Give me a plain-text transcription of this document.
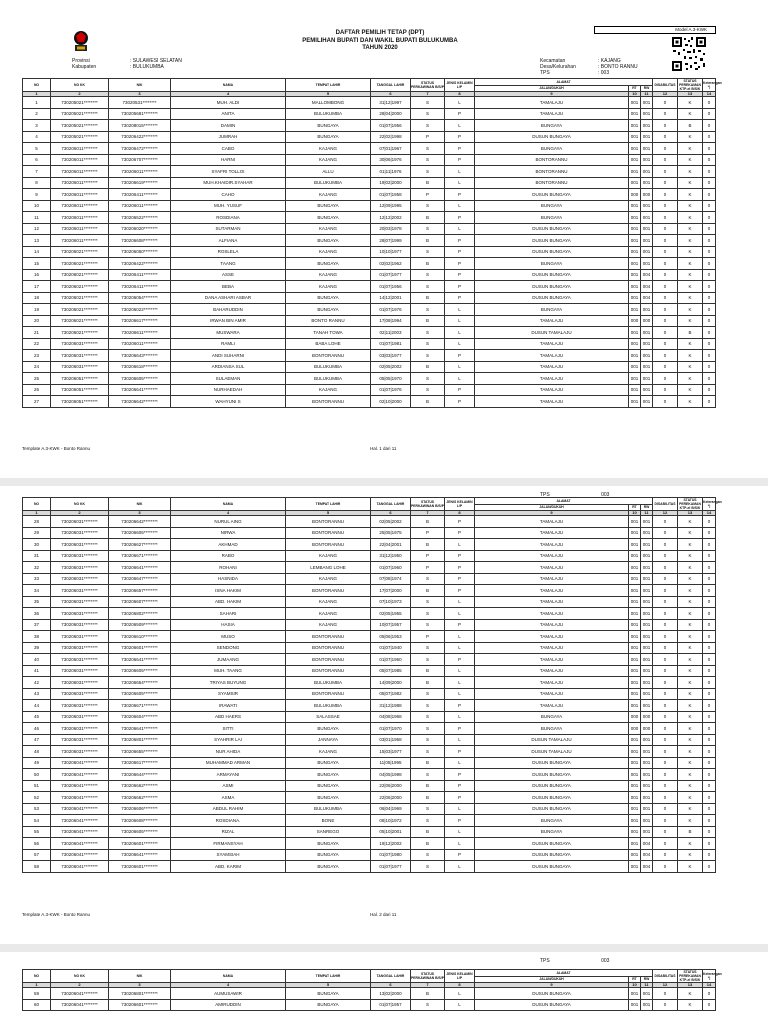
Model A.3-KWK
DAFTAR PEMILIH TETAP (DPT)
PEMILIHAN BUPATI DAN WAKIL BUPATI BULUKUMBA
TAHUN 2020
Provinsi	: SULAWESI SELATAN
Kabupaten	: BULUKUMBA
Kecamatan	: KAJANG
Desa/Kelurahan	: BONTO RANNU
TPS	: 003
Template A.3-KWK - Bonto Rannu	Hal. 1 dari 11
TPS	003
Template A.3-KWK - Bonto Rannu	Hal. 2 dari 11
TPS	003
NO	NO KK	NIK	NAMA	TEMPAT LAHIR	TANGGAL LAHIR	STATUS PERKAWINAN B/S/P	JENIS KELAMIN L/P	ALAMAT			DISABILITAS	STATUS PEREKAMAN KTP-el B/S/K	Keterangan *)
								JALAN/DUKUH	RT	RW			
1	2	3	4	5	6	7	8	9	10	11	12	13	14
1	730205021********	73020531********	MUH. ALDI	MALLOMBONG	31|12|1997	S	L	TAMALAJU	001	001	0	K	0
2	730205021********	730205681********	ANITA	BULUKUMBA	28|04|2000	S	P	TAMALAJU	001	001	0	K	0
3	730205021********	730208015********	DAMIN	BUNGAYA	01|07|1956	S	L	BUNGAYA	001	001	0	B	0
4	730205021********	730206422********	JUMRAH	BUNGAYA	22|02|1998	P	P	DUSUN BUNGAYA	001	001	0	K	0
5	730206011********	730206472********	CABO	KAJANG	07|01|1967	S	P	BUNGAYA	001	001	0	K	0
6	730206011********	730206707********	HARNI	KAJANG	30|06|1976	S	P	BONTORANNU	001	001	0	K	0
7	730206011********	730206011********	SYAFRI TOLLOI	ALLU	01|11|1976	S	L	BONTORANNU	001	001	0	K	0
8	730206011********	730206619********	MUH.KHAIDIR.SYAHAR	BULUKUMBA	19|02|2000	B	L	BONTORANNU	001	001	0	K	0
9	730206011********	730206411********	CAHO	KAJANG	01|07|1958	P	P	DUSUN BUNGAYA	000	000	0	K	0
10	730206011********	730206011********	MUH. YUSUF	BUNGAYA	12|09|1995	S	L	BUNGAYA	001	001	0	K	0
11	730206011********	730206522********	ROSDIANA	BUNGAYA	12|12|2002	B	P	BUNGAYA	001	001	0	K	0
12	730206011********	730206020********	SUTARMAN	KAJANG	20|03|1978	S	L	DUSUN BUNGAYA	001	001	0	K	0
13	730206011********	730206608********	ALFIANA	BUNGAYA	28|07|1999	B	P	DUSUN BUNGAYA	001	001	0	K	0
14	730206021********	730206050********	ROSLELA	KAJANG	10|10|1977	S	P	DUSUN BUNGAYA	001	001	0	K	0
15	730206021********	730206422********	TAANG	BUNGAYA	02|02|1962	B	P	BUNGAYA	001	001	0	K	0
16	730206021********	730206411********	ASSE	KAJANG	01|07|1977	S	P	DUSUN BUNGAYA	001	004	0	K	0
17	730206021********	730206411********	BEBA	KAJANG	01|07|1956	S	P	DUSUN BUNGAYA	001	004	0	K	0
18	730206021********	730206054********	DANA ASHARI ASBAR	BUNGAYA	14|12|2001	B	P	DUSUN BUNGAYA	001	004	0	K	0
19	730206021********	730206022********	BAHARUDDIN	BUNGAYA	01|07|1976	S	L	BUNGAYA	001	001	0	K	0
20	730206021********	730206617********	IRWAN BIN AMIR	BONTO RANNU	17|08|1994	B	L	TAMALAJU	000	000	0	K	0
21	730206021********	730206611********	MUSWARA	TANAH TOWA	02|11|2003	S	L	DUSUN TAMALAJU	001	001	0	B	0
22	730206031********	730206011********	RAMLI	BABA LOHE	01|07|1981	S	L	TAMALAJU	001	001	0	K	0
23	730206031********	730206643********	ANDI SUHARNI	BONTORANNU	03|03|1977	S	P	TAMALAJU	001	001	0	K	0
24	730206031********	730206618********	ARDIANSA SUL	BULUKUMBA	02|05|2002	B	L	TAMALAJU	001	001	0	K	0
25	730206051********	730206605********	SULAEMAN	BULUKUMBA	05|05|1970	S	L	TAMALAJU	001	001	0	K	0
26	730206051********	730206641********	NURHAEDAH	KAJANG	01|07|1976	S	P	TAMALAJU	001	001	0	K	0
27	730206051********	730206642********	WAHYUNI S	BONTORANNU	02|10|2000	B	P	TAMALAJU	001	001	0	K	0
NO	NO KK	NIK	NAMA	TEMPAT LAHIR	TANGGAL LAHIR	STATUS PERKAWINAN B/S/P	JENIS KELAMIN L/P	ALAMAT			DISABILITAS	STATUS PEREKAMAN KTP-el B/S/K	Keterangan *)
								JALAN/DUKUH	RT	RW			
1	2	3	4	5	6	7	8	9	10	11	12	13	14
28	730206031********	730206642********	NURUL AING	BONTORANNU	02|05|2002	B	P	TAMALAJU	001	001	0	K	0
29	730206031********	730206605********	NIRWA	BONTORANNU	25|05|1975	P	P	TAMALAJU	001	001	0	K	0
30	730206031********	730206627********	AKHMAD	BONTORANNU	22|04|2001	B	L	TAMALAJU	001	001	0	K	0
31	730206031********	730206671********	RABO	KAJANG	31|12|1950	P	P	TAMALAJU	001	001	0	K	0
32	730206031********	730206641********	ROHANI	LEMBANG LOHE	01|07|1960	P	P	TAMALAJU	001	001	0	K	0
33	730206031********	730206647********	HASNIDA	KAJANG	07|08|1974	S	P	TAMALAJU	001	001	0	K	0
34	730206031********	730206657********	ISNA HAKIM	BONTORANNU	17|07|2000	B	P	TAMALAJU	001	001	0	K	0
35	730206031********	730206607********	ABD. HAKIM	KAJANG	07|10|1973	S	L	TAMALAJU	001	001	0	K	0
36	730206031********	730206802********	SAHARI	KAJANG	02|05|1955	S	L	TAMALAJU	001	001	0	K	0
37	730206031********	730206509********	HASIA	KAJANG	10|07|1957	S	P	TAMALAJU	001	001	0	K	0
38	730206031********	730206610********	MUSO	BONTORANNU	05|06|1953	P	L	TAMALAJU	001	001	0	K	0
39	730206031********	730206601********	SENDONG	BONTORANNU	01|07|1940	S	L	TAMALAJU	001	001	0	K	0
40	730206031********	730206641********	JUMAANG	BONTORANNU	01|07|1960	S	P	TAMALAJU	001	001	0	K	0
41	730206031********	730206605********	MUH. TAANG	BONTORANNU	05|07|1985	B	L	TAMALAJU	001	001	0	K	0
42	730206031********	730206654********	TRIYAS BUYUNG	BULUKUMBA	14|09|2000	B	L	TAMALAJU	001	001	0	K	0
43	730206031********	730206605********	SYAMSIR	BONTORANNU	05|07|1982	S	L	TAMALAJU	001	001	0	K	0
44	730206031********	730206671********	IRAWATI	BULUKUMBA	31|12|1988	S	P	TAMALAJU	001	001	0	K	0
45	730206031********	730206604********	ABD HAERS	SALASSAE	04|08|1968	S	L	BUNGAYA	000	000	0	K	0
46	730206031********	730206641********	SITTI	BUNGAYA	01|07|1970	S	P	BUNGAYA	000	000	0	K	0
47	730206031********	730206801********	SYAHRIR LAI	JANNAYA	03|01|1968	S	L	DUSUN TAMALAJU	001	001	0	K	0
48	730206031********	730206655********	NUR AHIDA	KAJANG	15|03|1977	S	P	DUSUN TAMALAJU	001	001	0	K	0
49	730206041********	730206617********	MUHAMMAD ARMAN	BUNGAYA	11|05|1995	B	L	DUSUN BUNGAYA	001	001	0	K	0
50	730206041********	730206644********	ARMAYANI	BUNGAYA	04|05|1998	S	P	DUSUN BUNGAYA	001	001	0	K	0
51	730206041********	730206662********	ASMI	BUNGAYA	22|06|2000	B	P	DUSUN BUNGAYA	001	001	0	K	0
52	730206041********	730206662********	ASMA	BUNGAYA	22|06|2000	B	P	DUSUN BUNGAYA	001	001	0	K	0
53	730206041********	730206606********	ABDUL RAHIM	BULUKUMBA	06|04|1969	S	L	DUSUN BUNGAYA	001	001	0	K	0
54	730206041********	730206608********	ROSDIANA.	BONE	08|10|1972	S	P	BUNGAYA	001	001	0	K	0
55	730206041********	730206605********	RIZAL	SANREGO	05|10|2001	B	L	BUNGAYA	001	001	0	B	0
56	730206041********	730206601********	FIRMANSYAH	BUNGAYA	19|12|2002	B	L	DUSUN BUNGAYA	001	004	0	K	0
57	730206041********	730206641********	SYAMSIAH	BUNGAYA	01|07|1980	S	P	DUSUN BUNGAYA	001	004	0	K	0
58	730206041********	730206601********	ABD. KARIM	BUNGAYA	01|07|1977	S	L	DUSUN BUNGAYA	001	004	0	K	0
NO	NO KK	NIK	NAMA	TEMPAT LAHIR	TANGGAL LAHIR	STATUS PERKAWINAN B/S/P	JENIS KELAMIN L/P	ALAMAT			DISABILITAS	STATUS PEREKAMAN KTP-el B/S/K	Keterangan *)
								JALAN/DUKUH	RT	RW			
1	2	3	4	5	6	7	8	9	10	11	12	13	14
59	730206041********	730206801********	AUMUSAWIR	BUNGAYA	13|02|2000	B	L	DUSUN BUNGAYA	001	001	0	K	0
60	730206041********	730206601********	AMIRUDDIN	BUNGAYA	01|07|1957	S	L	DUSUN BUNGAYA	001	001	0	K	0
